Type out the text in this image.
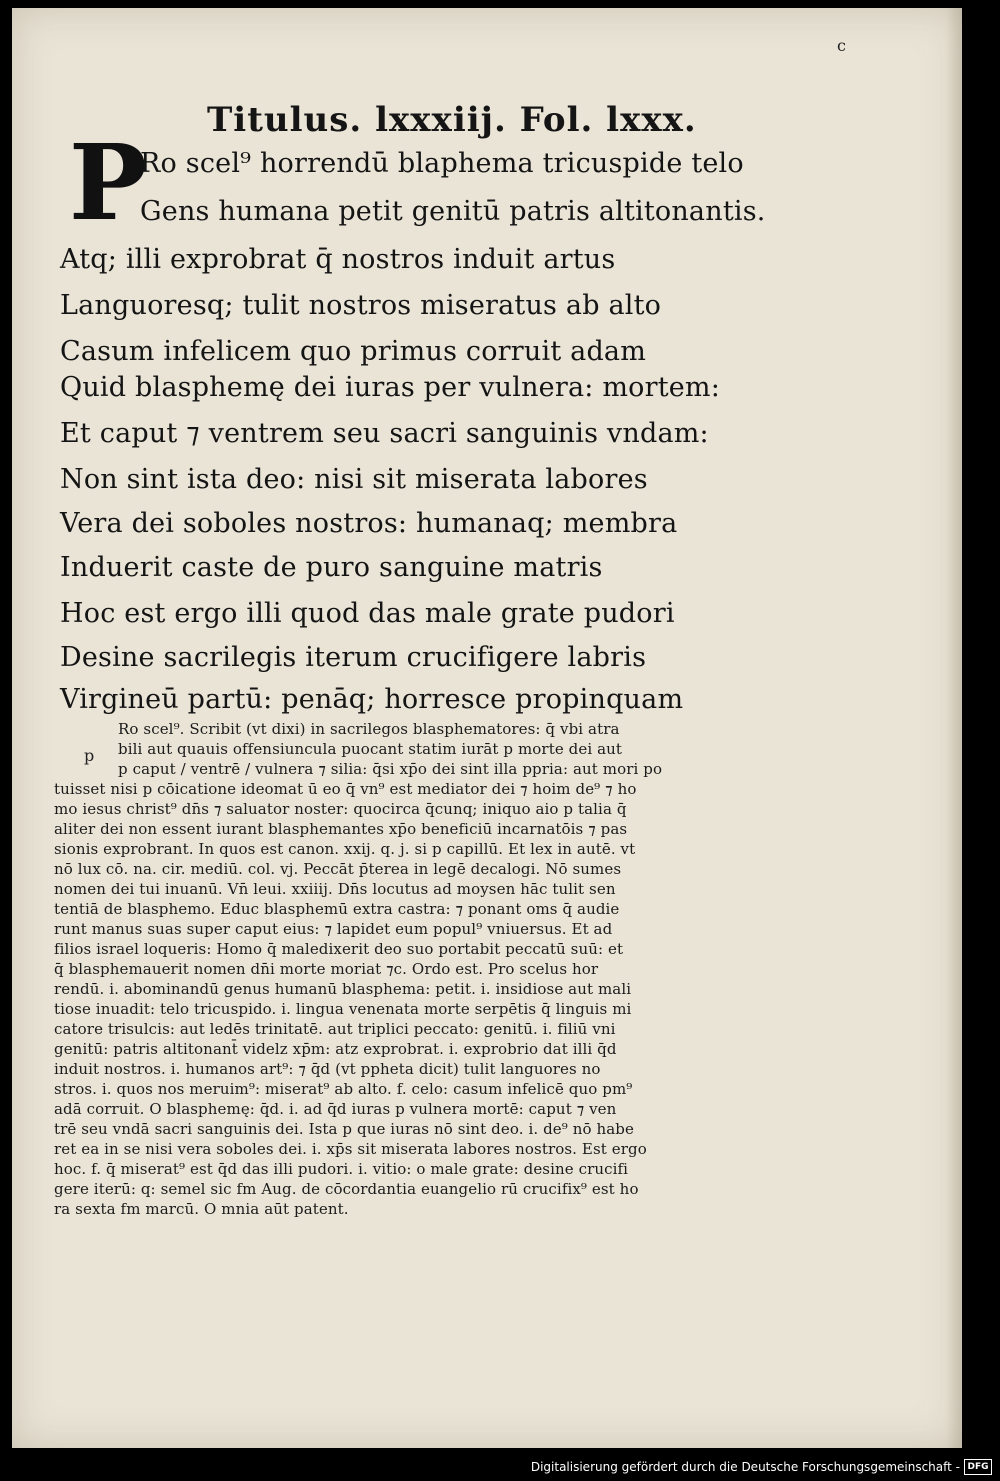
c
Titulus. lxxxiij. Fol. lxxx.
P
Ro scel⁹ horrendū blaphema tricuspide telo
Gens humana petit genitū patris altitonantis.
Atq; illi exprobrat q̄ nostros induit artus
Languoresq; tulit nostros miseratus ab alto
Casum infelicem quo primus corruit adam
Quid blasphemę dei iuras per vulnera: mortem:
Et caput ⁊ ventrem seu sacri sanguinis vndam:
Non sint ista deo: nisi sit miserata labores
Vera dei soboles nostros: humanaq; membra
Induerit caste de puro sanguine matris
Hoc est ergo illi quod das male grate pudori
Desine sacrilegis iterum crucifigere labris
Virgineū partū: penāq; horresce propinquam
p
Ro scel⁹. Scribit (vt dixi) in sacrilegos blasphematores: q̄ vbi atra
bili aut quauis offensiuncula puocant statim iurāt p morte dei aut
p caput / ventrē / vulnera ⁊ silia: q̄si xp̄o dei sint illa ppria: aut mori po
tuisset nisi p cōicatione ideomat ū eo q̄ vn⁹ est mediator dei ⁊ hoim de⁹ ⁊ ho
mo iesus christ⁹ dn̄s ⁊ saluator noster: quocirca q̄cunq; iniquo aio p talia q̄
aliter dei non essent iurant blasphemantes xp̄o beneficiū incarnatōis ⁊ pas
sionis exprobrant. In quos est canon. xxij. q. j. si p capillū. Et lex in autē. vt
nō lux cō. na. cir. mediū. col. vj. Peccāt p̄terea in legē decalogi. Nō sumes
nomen dei tui inuanū. Vn̄ leui. xxiiij. Dn̄s locutus ad moysen hāc tulit sen
tentiā de blasphemo. Educ blasphemū extra castra: ⁊ ponant oms q̄ audie
runt manus suas super caput eius: ⁊ lapidet eum popul⁹ vniuersus. Et ad
filios israel loqueris: Homo q̄ maledixerit deo suo portabit peccatū suū: et
q̄ blasphemauerit nomen dn̄i morte moriat ⁊c. Ordo est. Pro scelus hor
rendū. i. abominandū genus humanū blasphema: petit. i. insidiose aut mali
tiose inuadit: telo tricuspido. i. lingua venenata morte serpētis q̄ linguis mi
catore trisulcis: aut ledēs trinitatē. aut triplici peccato: genitū. i. filiū vni
genitū: patris altitonant̄ videlz xp̄m: atz exprobrat. i. exprobrio dat illi q̄d
induit nostros. i. humanos art⁹: ⁊ q̄d (vt ppheta dicit) tulit languores no
stros. i. quos nos meruim⁹: miserat⁹ ab alto. f. celo: casum infelicē quo pm⁹
adā corruit. O blasphemę: q̄d. i. ad q̄d iuras p vulnera mortē: caput ⁊ ven
trē seu vndā sacri sanguinis dei. Ista p que iuras nō sint deo. i. de⁹ nō habe
ret ea in se nisi vera soboles dei. i. xp̄s sit miserata labores nostros. Est ergo
hoc. f. q̄ miserat⁹ est q̄d das illi pudori. i. vitio: o male grate: desine crucifi
gere iterū: q: semel sic fm Aug. de cōcordantia euangelio rū crucifix⁹ est ho
ra sexta fm marcū. O mnia aūt patent.
Digitalisierung gefördert durch die Deutsche Forschungsgemeinschaft - DFG
